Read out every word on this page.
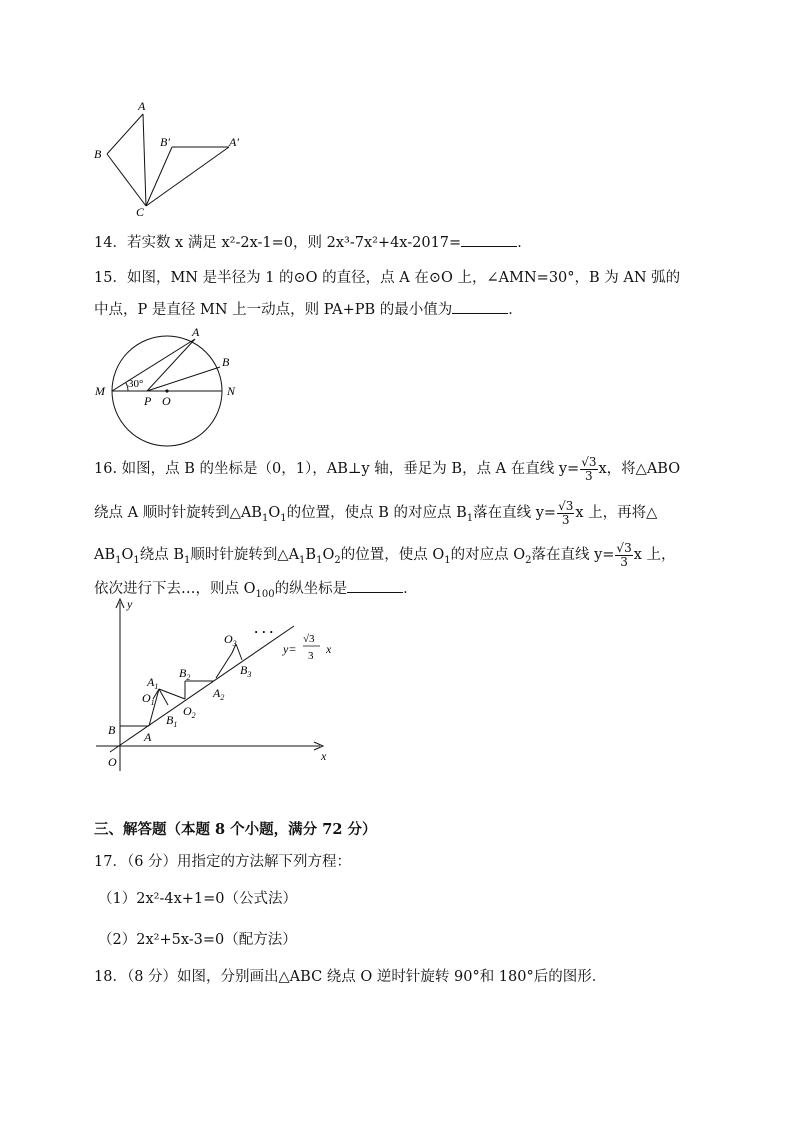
A
B
B′	A′
C
14．若实数 x 满足 x²-2x-1=0，则 2x³-7x²+4x-2017=	．
15．如图，MN 是半径为 1 的⊙O 的直径，点 A 在⊙O 上，∠AMN=30°，B 为 AN 弧的
中点，P 是直径 MN 上一动点，则 PA+PB 的最小值为	．
A
B
M	N
30°
P O
16. 如图，点 B 的坐标是（0，1），AB⊥y 轴，垂足为 B，点 A 在直线 $y= \frac{√3}{3}$ x，将△ABO
绕点 A 顺时针旋转到$\triangle AB_1O_1$的位置，使点 B 的对应点 $B_1$落在直线 $y= \frac{√3}{3}$ x 上，再将△
$AB_1O_1$绕点 $B_1$顺时针旋转到$\triangle A_1B_1O_2$的位置，使点 $O_1$的对应点 $O_2$落在直线 $y= \frac{√3}{3}$ x 上，
依次进行下去…，则点 $O_{100}$的纵坐标是	．
y
x
O
B A
$A_1$
$O_1$
$B_1$
$B_2$
$O_2$
$A_2$
$O_3$
$B_3$
· · ·
y=
√3
3 x
三、解答题（本题 8 个小题，满分 72 分）
17．（6 分）用指定的方法解下列方程：
（1）2x²-4x+1=0（公式法）
（2）2x²+5x-3=0（配方法）
18．（8 分）如图，分别画出△ABC 绕点 O 逆时针旋转 90°和 180°后的图形．
